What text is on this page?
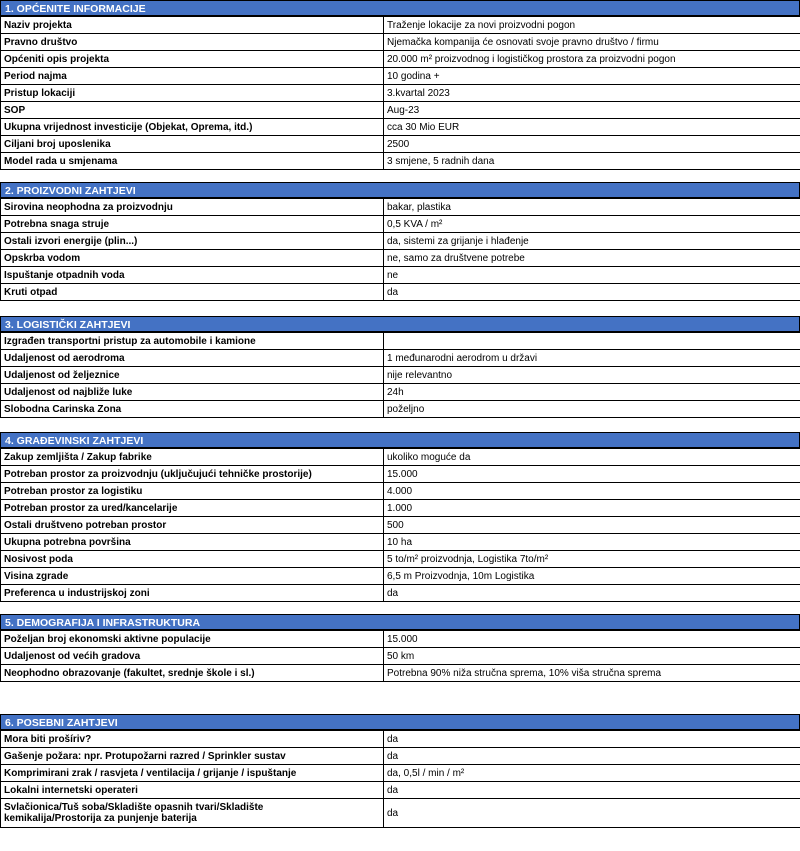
1. OPĆENITE INFORMACIJE
Naziv projekta	Traženje lokacije za novi proizvodni pogon
Pravno društvo	Njemačka kompanija će osnovati svoje pravno društvo / firmu
Općeniti opis projekta	20.000 m² proizvodnog i logističkog prostora za proizvodni pogon
Period najma	10 godina +
Pristup lokaciji	3.kvartal 2023
SOP	Aug-23
Ukupna vrijednost investicije (Objekat, Oprema, itd.)	cca 30 Mio EUR
Ciljani broj uposlenika	2500
Model rada u smjenama	3 smjene, 5 radnih dana
2. PROIZVODNI ZAHTJEVI
Sirovina neophodna za proizvodnju	bakar, plastika
Potrebna snaga struje	0,5 KVA / m²
Ostali izvori energije (plin...)	da, sistemi za grijanje i hlađenje
Opskrba vodom	ne, samo za društvene potrebe
Ispuštanje otpadnih voda	ne
Kruti otpad	da
3. LOGISTIČKI ZAHTJEVI
Izgrađen transportni pristup za automobile i kamione	
Udaljenost od aerodroma	1 međunarodni aerodrom u državi
Udaljenost od željeznice	nije relevantno
Udaljenost od najbliže luke	24h
Slobodna Carinska Zona	poželjno
4. GRAĐEVINSKI ZAHTJEVI
Zakup zemljišta / Zakup fabrike	ukoliko moguće da
Potreban prostor za proizvodnju (uključujući tehničke prostorije)	15.000
Potreban prostor za logistiku	4.000
Potreban prostor za ured/kancelarije	1.000
Ostali društveno potreban prostor	500
Ukupna potrebna površina	10 ha
Nosivost poda	5 to/m² proizvodnja, Logistika 7to/m²
Visina zgrade	6,5 m Proizvodnja, 10m Logistika
Preferenca u industrijskoj zoni	da
5. DEMOGRAFIJA I INFRASTRUKTURA
Poželjan broj ekonomski aktivne populacije	15.000
Udaljenost od većih gradova	50 km
Neophodno obrazovanje (fakultet, srednje škole i sl.)	Potrebna 90% niža stručna sprema, 10% viša stručna sprema
6. POSEBNI ZAHTJEVI
Mora biti prošíriv?	da
Gašenje požara: npr. Protupožarni razred / Sprinkler sustav	da
Komprimirani zrak / rasvjeta / ventilacija / grijanje / ispuštanje	da, 0,5l / min / m²
Lokalni internetski operateri	da
Svlačionica/Tuš soba/Skladište opasnih tvari/Skladište
kemikalija/Prostorija za punjenje baterija	da
